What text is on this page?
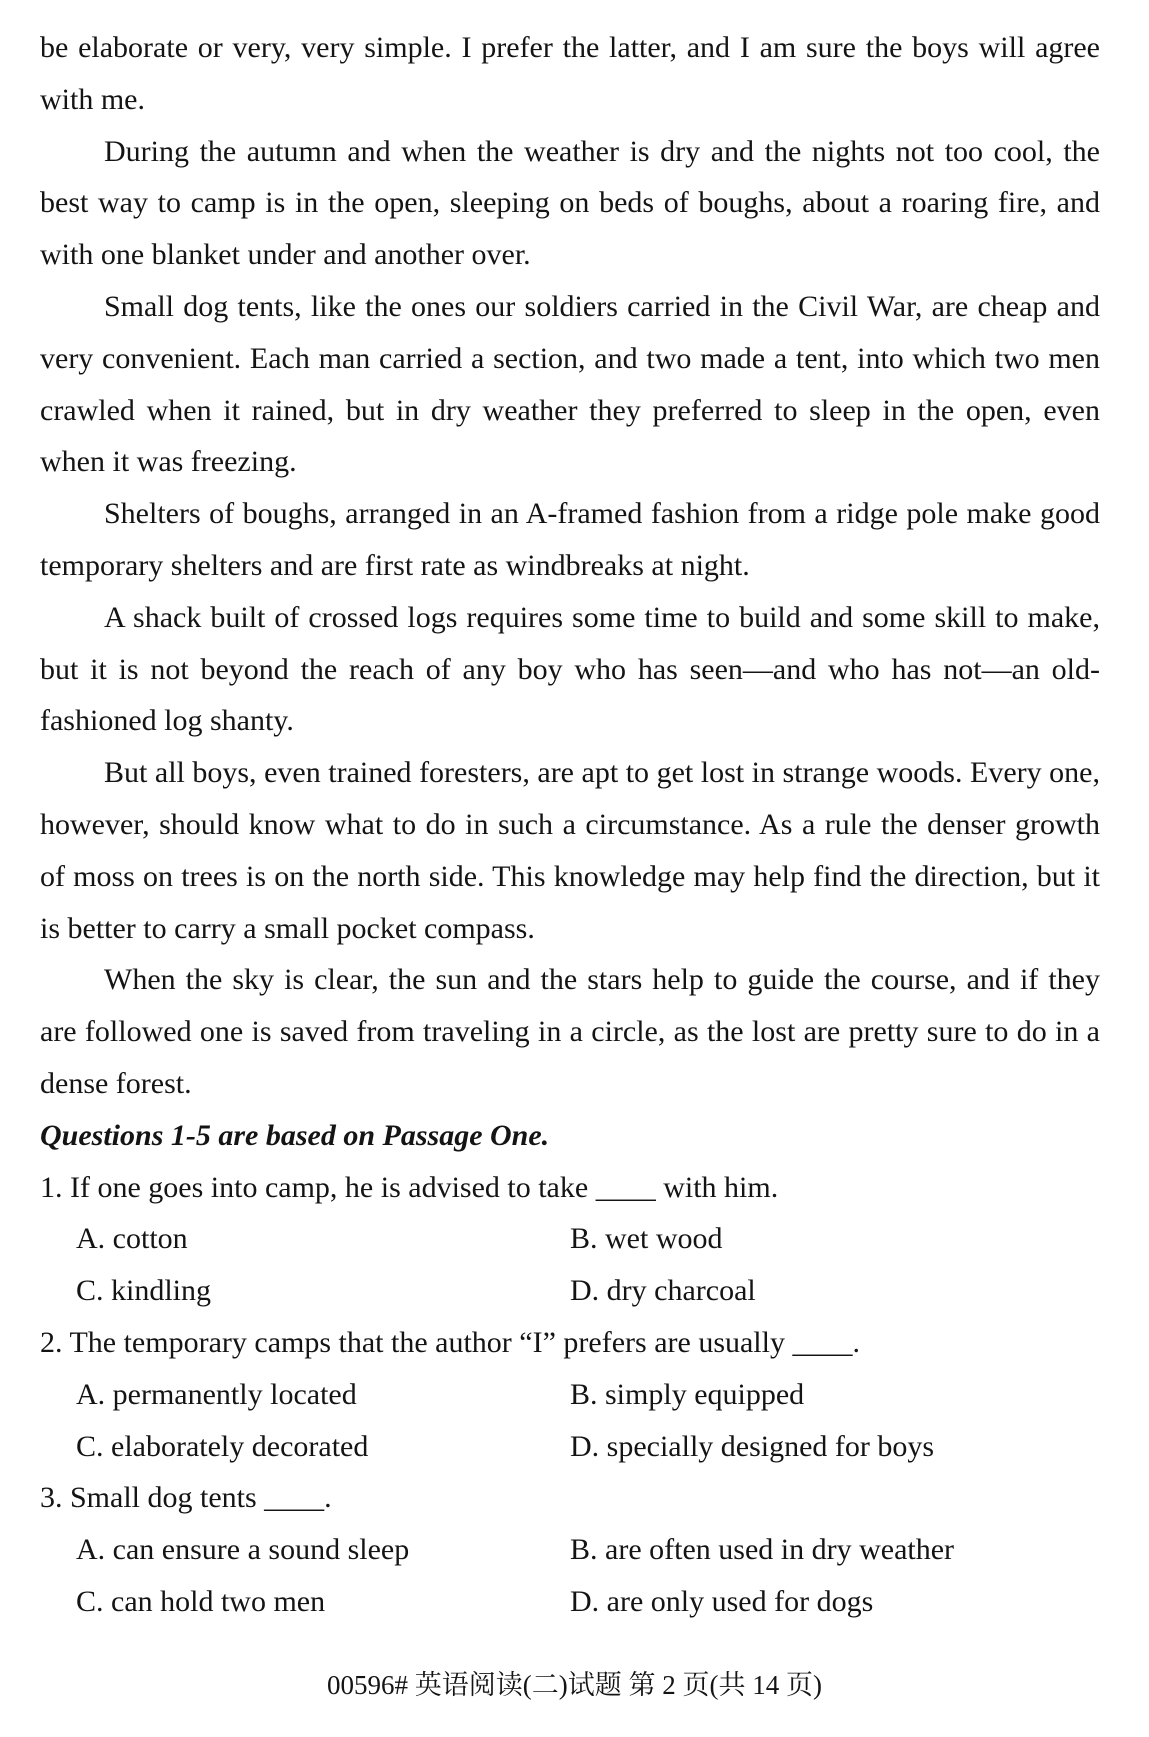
be elaborate or very, very simple. I prefer the latter, and I am sure the boys will agree with me.

During the autumn and when the weather is dry and the nights not too cool, the best way to camp is in the open, sleeping on beds of boughs, about a roaring fire, and with one blanket under and another over.

Small dog tents, like the ones our soldiers carried in the Civil War, are cheap and very convenient. Each man carried a section, and two made a tent, into which two men crawled when it rained, but in dry weather they preferred to sleep in the open, even when it was freezing.

Shelters of boughs, arranged in an A-framed fashion from a ridge pole make good temporary shelters and are first rate as windbreaks at night.

A shack built of crossed logs requires some time to build and some skill to make, but it is not beyond the reach of any boy who has seen—and who has not—an old-fashioned log shanty.

But all boys, even trained foresters, are apt to get lost in strange woods. Every one, however, should know what to do in such a circumstance. As a rule the denser growth of moss on trees is on the north side. This knowledge may help find the direction, but it is better to carry a small pocket compass.

When the sky is clear, the sun and the stars help to guide the course, and if they are followed one is saved from traveling in a circle, as the lost are pretty sure to do in a dense forest.

Questions 1-5 are based on Passage One.

1. If one goes into camp, he is advised to take ____ with him.

A. cotton	B. wet wood
C. kindling	D. dry charcoal

2. The temporary camps that the author “I” prefers are usually ____.

A. permanently located	B. simply equipped
C. elaborately decorated	D. specially designed for boys

3. Small dog tents ____.

A. can ensure a sound sleep	B. are often used in dry weather
C. can hold two men	D. are only used for dogs
00596# 英语阅读(二)试题 第 2 页(共 14 页)
